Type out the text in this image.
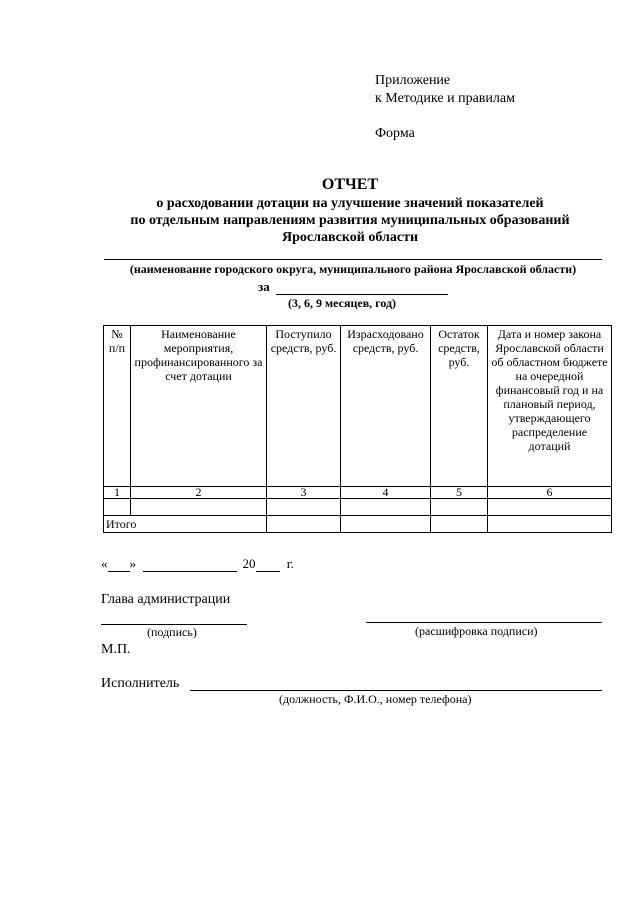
Приложение
к Методике и правилам
Форма
ОТЧЕТ
о расходовании дотации на улучшение значений показателей
по отдельным направлениям развития муниципальных образований
Ярославской области
(наименование городского округа, муниципального района Ярославской области)
за
(3, 6, 9 месяцев, год)
№ п/п	Наименование мероприятия, профинансированного за счет дотации	Поступило средств, руб.	Израсходовано средств, руб.	Остаток средств, руб.	Дата и номер закона Ярославской области об областном бюджете на очередной финансовый год и на плановый период, утверждающего распределение дотаций
1	2	3	4	5	6

Итого					
« »	20 г.
Глава администрации
(подпись)	(расшифровка подписи)
М.П.
Исполнитель
(должность, Ф.И.О., номер телефона)
